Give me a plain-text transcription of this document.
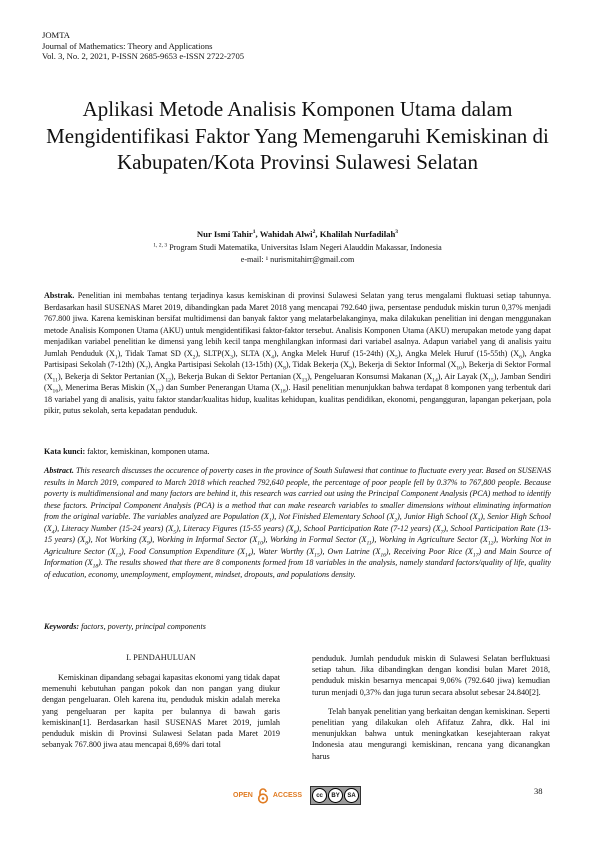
JOMTA
Journal of Mathematics: Theory and Applications
Vol. 3, No. 2, 2021, P-ISSN 2685-9653 e-ISSN 2722-2705
Aplikasi Metode Analisis Komponen Utama dalam Mengidentifikasi Faktor Yang Memengaruhi Kemiskinan di Kabupaten/Kota Provinsi Sulawesi Selatan
Nur Ismi Tahir$^1$, Wahidah Alwi$^2$, Khalilah Nurfadilah$^3$
$^{1, 2, 3}$ Program Studi Matematika, Universitas Islam Negeri Alauddin Makassar, Indonesia
e-mail: ¹ nurismitahirr@gmail.com
Abstrak. Penelitian ini membahas tentang terjadinya kasus kemiskinan di provinsi Sulawesi Selatan yang terus mengalami fluktuasi setiap tahunnya. Berdasarkan hasil SUSENAS Maret 2019, dibandingkan pada Maret 2018 yang mencapai 792.640 jiwa, persentase penduduk miskin turun 0,37% menjadi 767.800 jiwa. Karena kemiskinan bersifat multidimensi dan banyak faktor yang melatarbelakanginya, maka dilakukan penelitian ini dengan menggunakan metode Analisis Komponen Utama (AKU) untuk mengidentifikasi faktor-faktor tersebut. Analisis Komponen Utama (AKU) merupakan metode yang dapat menjadikan variabel penelitian ke dimensi yang lebih kecil tanpa menghilangkan informasi dari variabel asalnya. Adapun variabel yang di analisis yaitu Jumlah Penduduk $(X_1)$, Tidak Tamat SD $(X_2)$, $SLTP(X_3)$, SLTA $(X_4)$, Angka Melek Huruf (15-24th) $(X_5)$, Angka Melek Huruf (15-55th) $(X_6)$, Angka Partisipasi Sekolah (7-12th) $(X_7)$, Angka Partisipasi Sekolah (13-15th) $(X_8)$, Tidak Bekerja $(X_9)$, Bekerja di Sektor Informal $(X_{10})$, Bekerja di Sektor Formal $(X_{11})$, Bekerja di Sektor Pertanian $(X_{12})$, Bekerja Bukan di Sektor Pertanian $(X_{13})$, Pengeluaran Konsumsi Makanan $(X_{14})$, Air Layak $(X_{15})$, Jamban Sendiri $(X_{16})$, Menerima Beras Miskin $(X_{17})$ dan Sumber Penerangan Utama $(X_{18})$. Hasil penelitian menunjukkan bahwa terdapat 8 komponen yang terbentuk dari 18 variabel yang di analisis, yaitu faktor standar/kualitas hidup, kualitas kehidupan, kualitas pendidikan, ekonomi, pengangguran, lapangan pekerjaan, pola pikir, putus sekolah, serta kepadatan penduduk.
Kata kunci: faktor, kemiskinan, komponen utama.
Abstract. This research discusses the occurence of poverty cases in the province of South Sulawesi that continue to fluctuate every year. Based on SUSENAS results in March 2019, compared to March 2018 which reached 792,640 people, the percentage of poor people fell by 0.37% to 767,800 people. Because poverty is multidimensional and many factors are behind it, this research was carried out using the Principal Component Analysis (PCA) method to identify these factors. Principal Component Analysis (PCA) is a method that can make research variables to smaller dimensions without eliminating information from the original variable. The variables analyzed are Population $(X_1)$, Not Finished Elementary School $(X_2)$, Junior High School $(X_3)$, Senior High School $(X_4)$, Literacy Number (15-24 years) $(X_5)$, Literacy Figures (15-55 years) $(X_6)$, School Participation Rate (7-12 years) $(X_7)$, School Participation Rate (13-15 years) $(X_8)$, Not Working $(X_9)$, Working in Informal Sector $(X_{10})$, Working in Formal Sector $(X_{11})$, Working in Agriculture Sector $(X_{12})$, Working Not in Agriculture Sector $(X_{13})$, Food Consumption Expenditure $(X_{14})$, Water Worthy $(X_{15})$, Own Latrine $(X_{16})$, Receiving Poor Rice $(X_{17})$ and Main Source of Information $(X_{18})$. The results showed that there are 8 components formed from 18 variables in the analysis, namely standard factors/quality of life, quality of education, economy, unemployment, employment, mindset, dropouts, and populations density.
Keywords: factors, poverty, principal components
I. PENDAHULUAN

Kemiskinan dipandang sebagai kapasitas ekonomi yang tidak dapat memenuhi kebutuhan pangan pokok dan non pangan yang diukur dengan pengeluaran. Oleh karena itu, penduduk miskin adalah mereka yang pengeluaran per kapita per bulannya di bawah garis kemiskinan[1]. Berdasarkan hasil SUSENAS Maret 2019, jumlah penduduk miskin di Provinsi Sulawesi Selatan pada Maret 2019 sebanyak 767.800 jiwa atau mencapai 8,69% dari total

penduduk. Jumlah penduduk miskin di Sulawesi Selatan berfluktuasi setiap tahun. Jika dibandingkan dengan kondisi bulan Maret 2018, penduduk miskin besarnya mencapai 9,06% (792.640 jiwa) kemudian turun menjadi 0,37% dan juga turun secara absolut sebesar 24.840[2].

Telah banyak penelitian yang berkaitan dengan kemiskinan. Seperti penelitian yang dilakukan oleh Afifatuz Zahra, dkk. Hal ini menunjukkan bahwa untuk meningkatkan kesejahteraan rakyat Indonesia atau mengurangi kemiskinan, rencana yang dicanangkan harus

OPEN	ACCESS	cc	BY	SA	38
